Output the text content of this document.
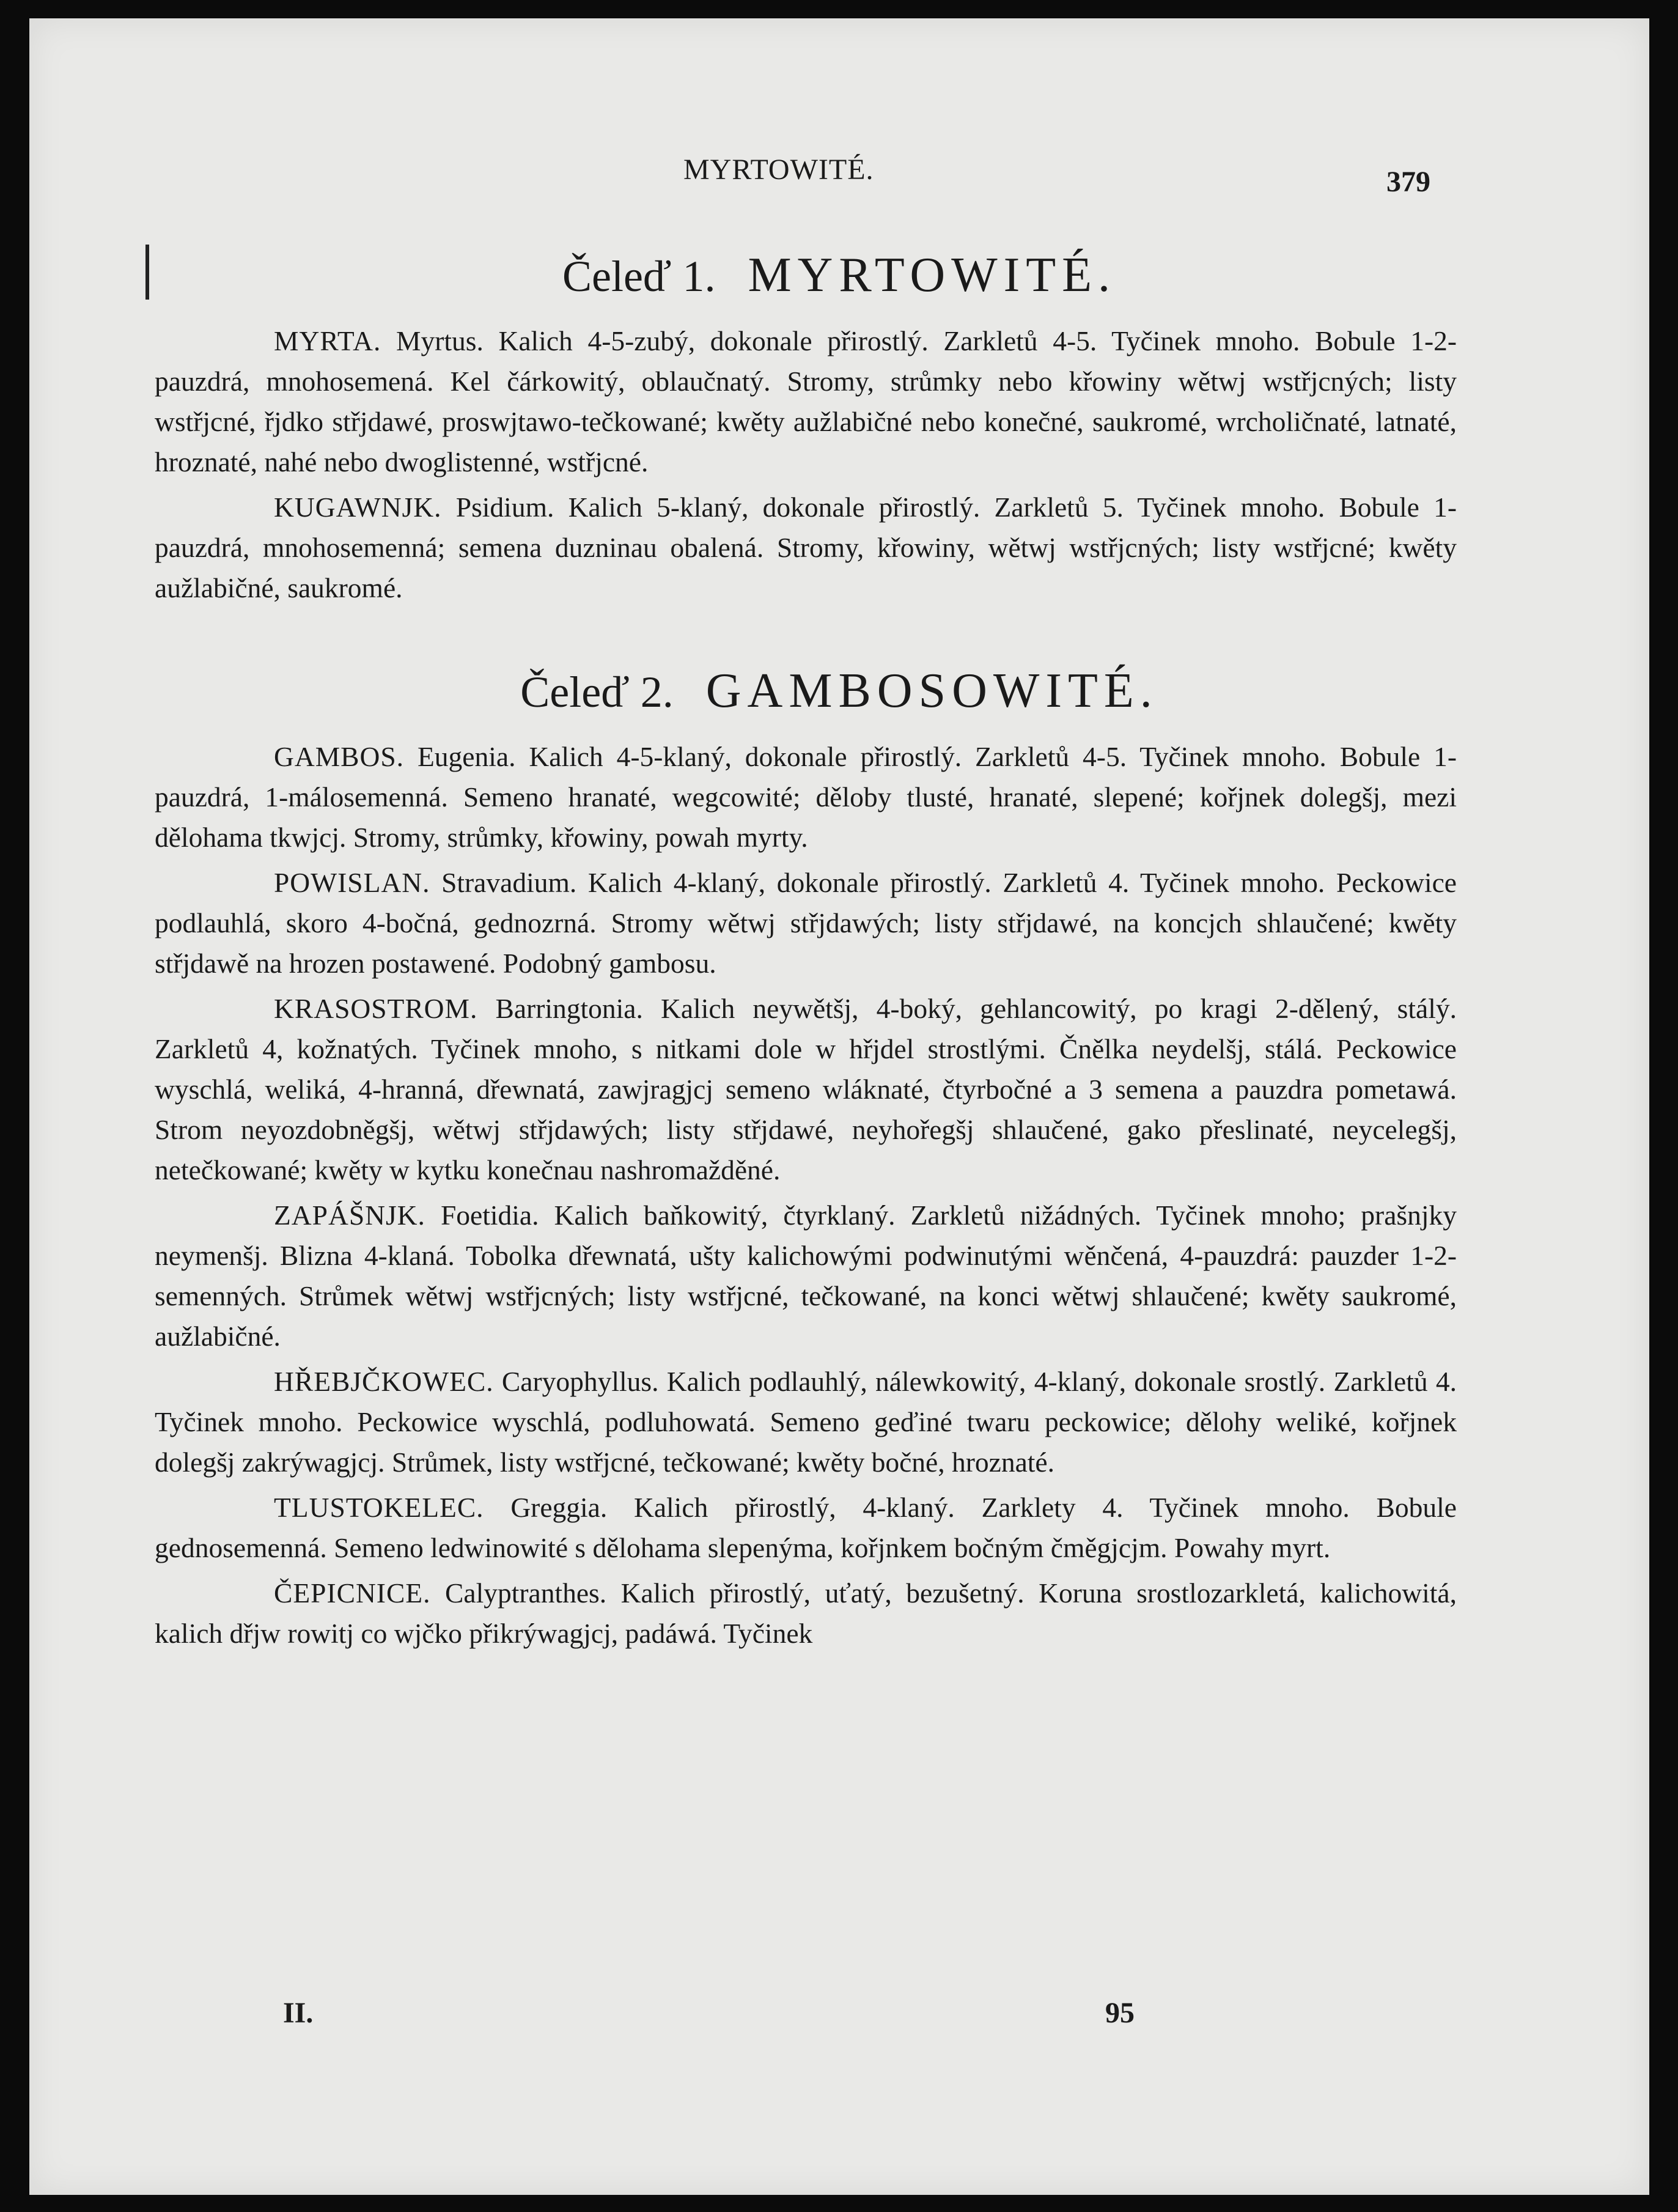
MYRTOWITÉ.	379
Čeleď 1. MYRTOWITÉ.

MYRTA. Myrtus. Kalich 4-5-zubý, dokonale přirostlý. Zarkletů 4-5. Tyčinek mnoho. Bobule 1-2-pauzdrá, mnohosemená. Kel čárkowitý, oblaučnatý. Stromy, strůmky nebo křowiny wětwj wstřjcných; listy wstřjcné, řjdko střjdawé, proswjtawo-tečkowané; kwěty aužlabičné nebo konečné, saukromé, wrcholičnaté, latnaté, hroznaté, nahé nebo dwoglistenné, wstřjcné.

KUGAWNJK. Psidium. Kalich 5-klaný, dokonale přirostlý. Zarkletů 5. Tyčinek mnoho. Bobule 1-pauzdrá, mnohosemenná; semena duzninau obalená. Stromy, křowiny, wětwj wstřjcných; listy wstřjcné; kwěty aužlabičné, saukromé.

Čeleď 2. GAMBOSOWITÉ.

GAMBOS. Eugenia. Kalich 4-5-klaný, dokonale přirostlý. Zarkletů 4-5. Tyčinek mnoho. Bobule 1-pauzdrá, 1-málosemenná. Semeno hranaté, wegcowité; děloby tlusté, hranaté, slepené; kořjnek dolegšj, mezi dělohama tkwjcj. Stromy, strůmky, křowiny, powah myrty.

POWISLAN. Stravadium. Kalich 4-klaný, dokonale přirostlý. Zarkletů 4. Tyčinek mnoho. Peckowice podlauhlá, skoro 4-bočná, gednozrná. Stromy wětwj střjdawých; listy střjdawé, na koncjch shlaučené; kwěty střjdawě na hrozen postawené. Podobný gambosu.

KRASOSTROM. Barringtonia. Kalich neywětšj, 4-boký, gehlancowitý, po kragi 2-dělený, stálý. Zarkletů 4, kožnatých. Tyčinek mnoho, s nitkami dole w hřjdel strostlými. Čnělka neydelšj, stálá. Peckowice wyschlá, weliká, 4-hranná, dřewnatá, zawjragjcj semeno wláknaté, čtyrbočné a 3 semena a pauzdra pometawá. Strom neyozdobněgšj, wětwj střjdawých; listy střjdawé, neyhořegšj shlaučené, gako přeslinaté, neycelegšj, netečkowané; kwěty w kytku konečnau nashromažděné.

ZAPÁŠNJK. Foetidia. Kalich baňkowitý, čtyrklaný. Zarkletů nižádných. Tyčinek mnoho; prašnjky neymenšj. Blizna 4-klaná. Tobolka dřewnatá, ušty kalichowými podwinutými wěnčená, 4-pauzdrá: pauzder 1-2-semenných. Strůmek wětwj wstřjcných; listy wstřjcné, tečkowané, na konci wětwj shlaučené; kwěty saukromé, aužlabičné.

HŘEBJČKOWEC. Caryophyllus. Kalich podlauhlý, nálewkowitý, 4-klaný, dokonale srostlý. Zarkletů 4. Tyčinek mnoho. Peckowice wyschlá, podluhowatá. Semeno geďiné twaru peckowice; dělohy weliké, kořjnek dolegšj zakrýwagjcj. Strůmek, listy wstřjcné, tečkowané; kwěty bočné, hroznaté.

TLUSTOKELEC. Greggia. Kalich přirostlý, 4-klaný. Zarklety 4. Tyčinek mnoho. Bobule gednosemenná. Semeno ledwinowité s dělohama slepenýma, kořjnkem bočným čměgjcjm. Powahy myrt.

ČEPICNICE. Calyptranthes. Kalich přirostlý, uťatý, bezušetný. Koruna srostlozarkletá, kalichowitá, kalich dřjw rowitj co wjčko přikrýwagjcj, padáwá. Tyčinek

II.	95
